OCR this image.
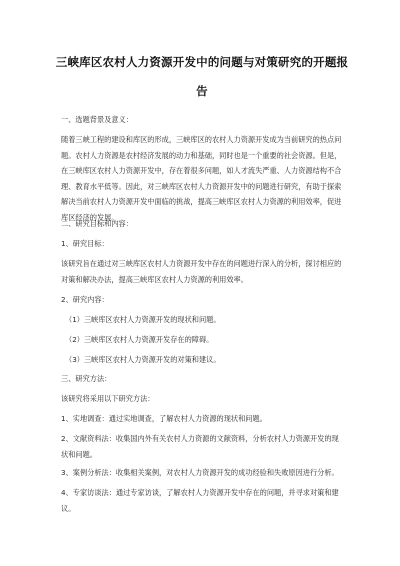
三峡库区农村人力资源开发中的问题与对策研究的开题报告

一、选题背景及意义：

随着三峡工程的建设和库区的形成，三峡库区的农村人力资源开发成为当前研究的热点问题。农村人力资源是农村经济发展的动力和基础，同时也是一个重要的社会资源。但是，在三峡库区农村人力资源开发中，存在着很多问题，如人才流失严重、人力资源结构不合理、教育水平低等。因此，对三峡库区农村人力资源开发中的问题进行研究，有助于探索解决当前农村人力资源开发中面临的挑战，提高三峡库区农村人力资源的利用效率，促进库区经济的发展。

二、研究目标和内容：

1、研究目标：

该研究旨在通过对三峡库区农村人力资源开发中存在的问题进行深入的分析，探讨相应的对策和解决办法，提高三峡库区农村人力资源的利用效率。

2、研究内容：

（1）三峡库区农村人力资源开发的现状和问题。

（2）三峡库区农村人力资源开发存在的障碍。

（3）三峡库区农村人力资源开发的对策和建议。

三、研究方法：

该研究将采用以下研究方法：

1、实地调查：通过实地调查，了解农村人力资源的现状和问题。

2、文献资料法：收集国内外有关农村人力资源的文献资料，分析农村人力资源开发的现状和问题。

3、案例分析法：收集相关案例，对农村人力资源开发的成功经验和失败原因进行分析。

4、专家访谈法：通过专家访谈，了解农村人力资源开发中存在的问题，并寻求对策和建议。
